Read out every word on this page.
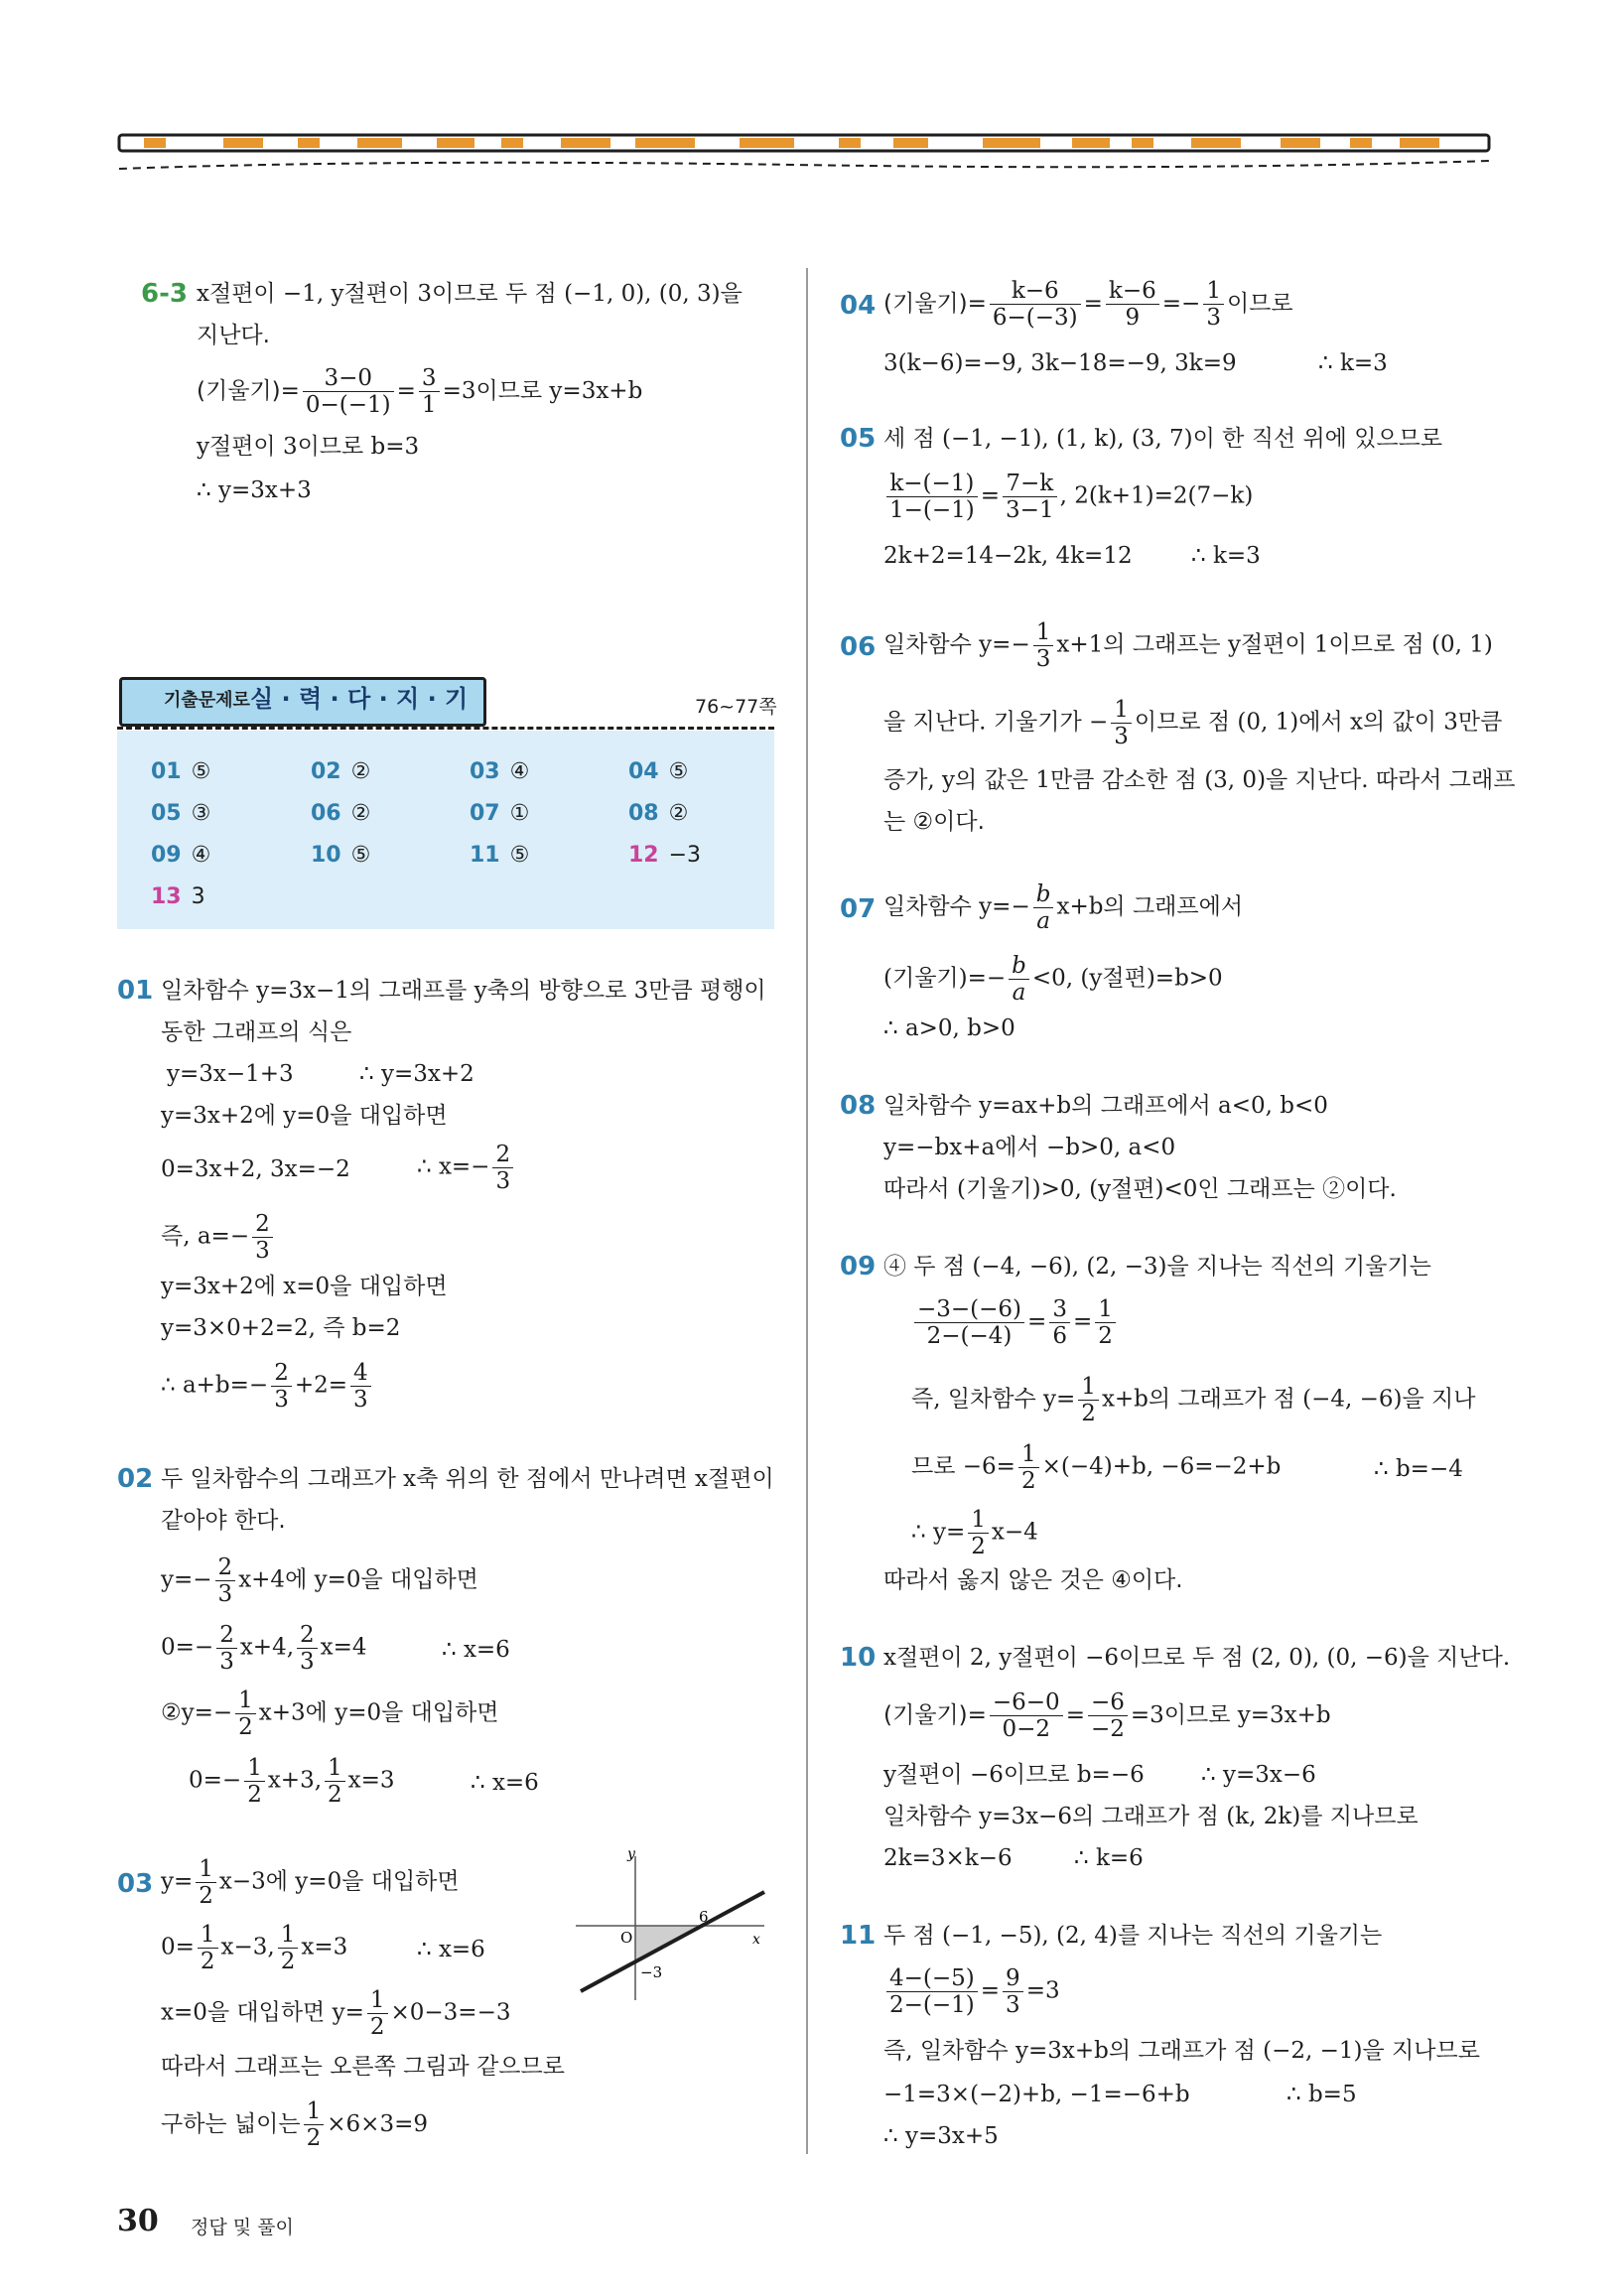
6-3 x절편이 −1, y절편이 3이므로 두 점 (−1, 0), (0, 3)을
지난다.
(기울기)= $\frac{3-0}{0-(-1)} = \frac{3}{1} =3$이므로 y=3x+b
y절편이 3이므로 b=3
∴ y=3x+3
기출문제로 실 · 력 · 다 · 지 · 기	76~77쪽
01 ⑤	02 ②	03 ④	04 ⑤
05 ③	06 ②	07 ①	08 ②
09 ④	10 ⑤	11 ⑤	12 −3
13 3
01 일차함수 y=3x−1의 그래프를 y축의 방향으로 3만큼 평행이
동한 그래프의 식은
y=3x−1+3	∴ y=3x+2
y=3x+2에 y=0을 대입하면
0=3x+2, 3x=−2	∴ $x=- \frac{2}{3}$
즉, $a=- \frac{2}{3}$
y=3x+2에 x=0을 대입하면
y=3×0+2=2, 즉 b=2
∴ $a+b=- \frac{2}{3} +2= \frac{4}{3}$
02 두 일차함수의 그래프가 x축 위의 한 점에서 만나려면 x절편이
같아야 한다.
$y=- \frac{2}{3} x+4$에 y=0을 대입하면
$0=- \frac{2}{3} x+4$, $\frac{2}{3} x=4$	∴ x=6
②y=− $\frac{1}{2} x+3$에 y=0을 대입하면
$0=- \frac{1}{2} x+3$, $\frac{1}{2} x=3$	∴ x=6
03 $y= \frac{1}{2} x-3$에 y=0을 대입하면
$0= \frac{1}{2} x-3$, $\frac{1}{2} x=3$	∴ x=6
x=0을 대입하면 $y= \frac{1}{2} \times 0-3=-3$
따라서 그래프는 오른쪽 그림과 같으므로
구하는 넓이는 $\frac{1}{2} \times 6\times 3=9$
y
x
O
6
−3
04 (기울기)= $\frac{k-6}{6-(-3)} = \frac{k-6}{9} =- \frac{1}{3}$ 이므로
3(k−6)=−9, 3k−18=−9, 3k=9	∴ k=3
05 세 점 (−1, −1), (1, k), (3, 7)이 한 직선 위에 있으므로
$\frac{k-(-1)}{1-(-1)} = \frac{7-k}{3-1}$ , 2(k+1)=2(7−k)
2k+2=14−2k, 4k=12	∴ k=3
06 일차함수 $y=- \frac{1}{3} x+1$의 그래프는 y절편이 1이므로 점 (0, 1)
을 지난다. 기울기가 − $\frac{1}{3}$ 이므로 점 (0, 1)에서 x의 값이 3만큼
증가, y의 값은 1만큼 감소한 점 (3, 0)을 지난다. 따라서 그래프
는 ②이다.
07 일차함수 $y=- \frac{b}{a} x+b$의 그래프에서
(기울기)=− $\frac{b}{a} <0$, (y절편)=b>0
∴ a>0, b>0
08 일차함수 y=ax+b의 그래프에서 a<0, b<0
y=−bx+a에서 −b>0, a<0
따라서 (기울기)>0, (y절편)<0인 그래프는 ②이다.
09 ④ 두 점 (−4, −6), (2, −3)을 지나는 직선의 기울기는
$\frac{-3-(-6)}{2-(-4)} = \frac{3}{6} = \frac{1}{2}$
즉, 일차함수 $y= \frac{1}{2} x+b$의 그래프가 점 (−4, −6)을 지나
므로 $-6= \frac{1}{2} \times(-4)+b$, −6=−2+b	∴ b=−4
∴ $y= \frac{1}{2} x-4$
따라서 옳지 않은 것은 ④이다.
10 x절편이 2, y절편이 −6이므로 두 점 (2, 0), (0, −6)을 지난다.
(기울기)= $\frac{-6-0}{0-2} = \frac{-6}{-2} =3$이므로 y=3x+b
y절편이 −6이므로 b=−6 ∴ y=3x−6
일차함수 y=3x−6의 그래프가 점 (k, 2k)를 지나므로
2k=3×k−6	∴ k=6
11 두 점 (−1, −5), (2, 4)를 지나는 직선의 기울기는
$\frac{4-(-5)}{2-(-1)} = \frac{9}{3} =3$
즉, 일차함수 y=3x+b의 그래프가 점 (−2, −1)을 지나므로
−1=3×(−2)+b, −1=−6+b	∴ b=5
∴ y=3x+5
30 정답 및 풀이
